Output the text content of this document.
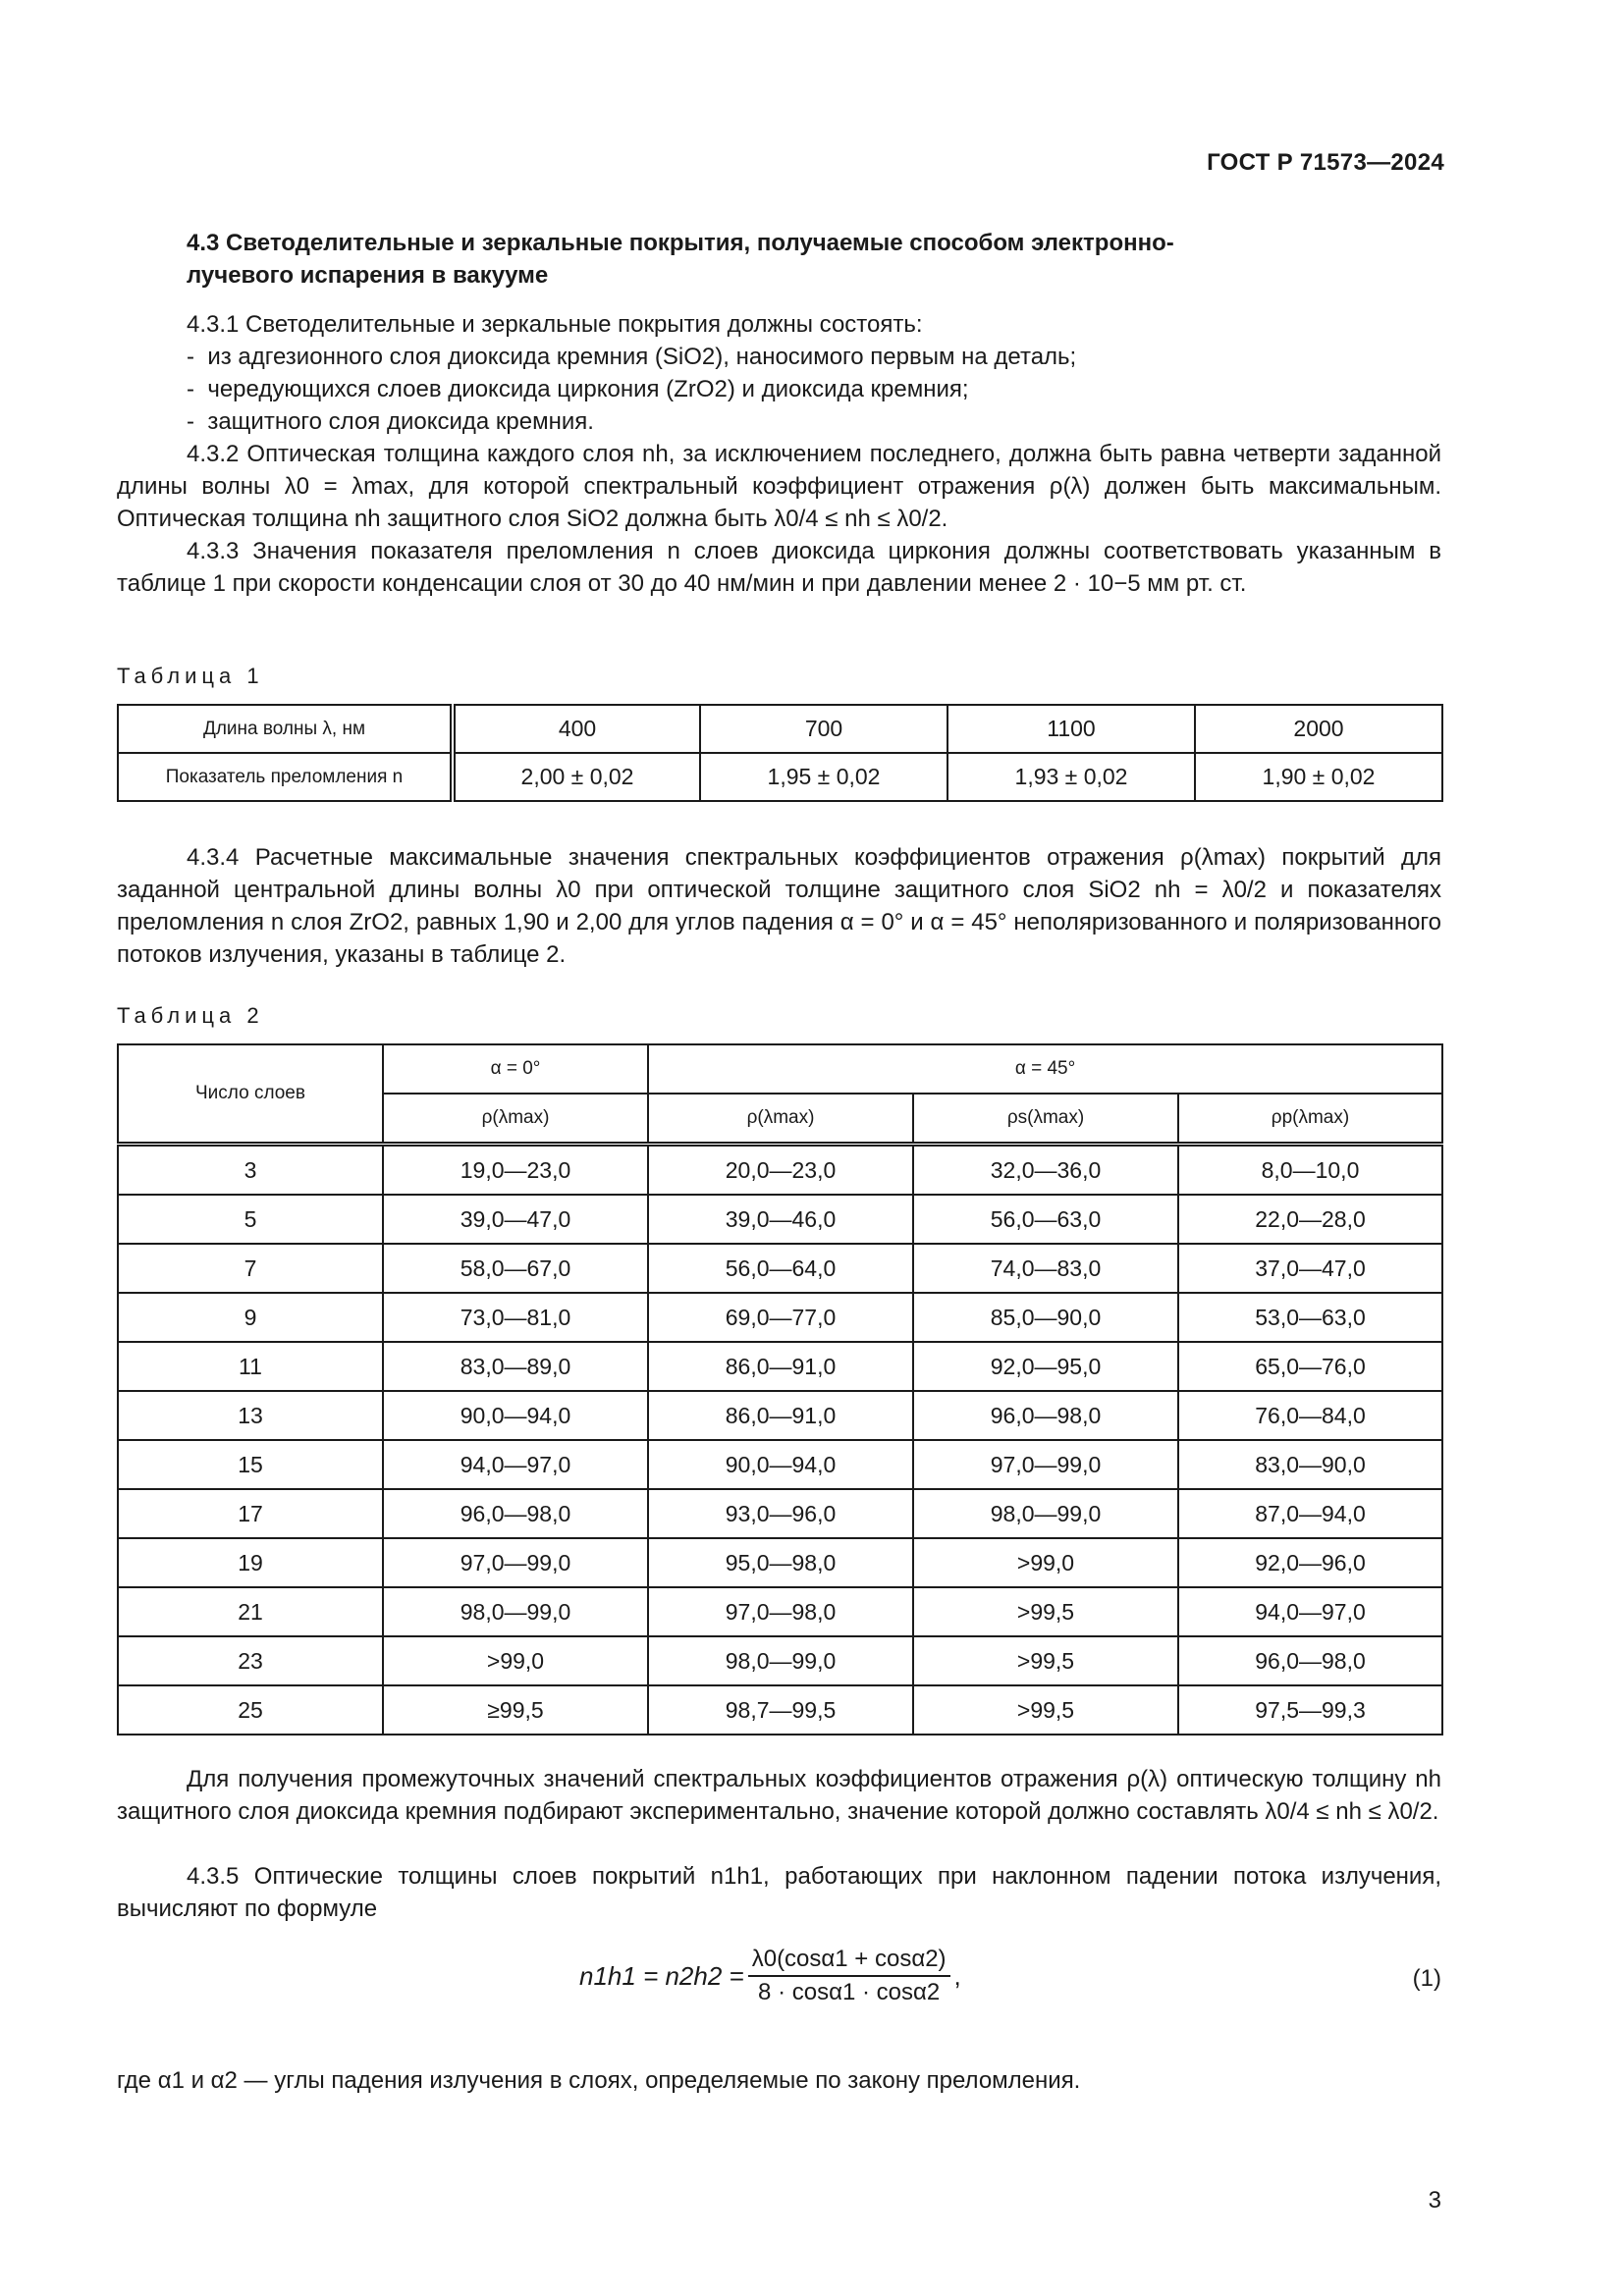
ГОСТ Р 71573—2024
4.3 Светоделительные и зеркальные покрытия, получаемые способом электронно-лучевого испарения в вакууме

4.3.1 Светоделительные и зеркальные покрытия должны состоять:

-  из адгезионного слоя диоксида кремния (SiO2), наносимого первым на деталь;

-  чередующихся слоев диоксида циркония (ZrO2) и диоксида кремния;

-  защитного слоя диоксида кремния.

4.3.2 Оптическая толщина каждого слоя nh, за исключением последнего, должна быть равна четверти заданной длины волны λ0 = λmax, для которой спектральный коэффициент отражения ρ(λ) должен быть максимальным. Оптическая толщина nh защитного слоя SiO2 должна быть λ0/4 ≤ nh ≤ λ0/2.

4.3.3 Значения показателя преломления n слоев диоксида циркония должны соответствовать указанным в таблице 1 при скорости конденсации слоя от 30 до 40 нм/мин и при давлении менее 2 · 10−5 мм рт. ст.

Таблица 1
Длина волны λ, нм	400	700	1100	2000
Показатель преломления n	2,00 ± 0,02	1,95 ± 0,02	1,93 ± 0,02	1,90 ± 0,02

4.3.4 Расчетные максимальные значения спектральных коэффициентов отражения ρ(λmax) покрытий для заданной центральной длины волны λ0 при оптической толщине защитного слоя SiO2 nh = λ0/2 и показателях преломления n слоя ZrO2, равных 1,90 и 2,00 для углов падения α = 0° и α = 45° неполяризованного и поляризованного потоков излучения, указаны в таблице 2.

Таблица 2
Число слоев	α = 0°	α = 45°		
	ρ(λmax)	ρ(λmax)	ρs(λmax)	ρp(λmax)
3	19,0—23,0	20,0—23,0	32,0—36,0	8,0—10,0
5	39,0—47,0	39,0—46,0	56,0—63,0	22,0—28,0
7	58,0—67,0	56,0—64,0	74,0—83,0	37,0—47,0
9	73,0—81,0	69,0—77,0	85,0—90,0	53,0—63,0
11	83,0—89,0	86,0—91,0	92,0—95,0	65,0—76,0
13	90,0—94,0	86,0—91,0	96,0—98,0	76,0—84,0
15	94,0—97,0	90,0—94,0	97,0—99,0	83,0—90,0
17	96,0—98,0	93,0—96,0	98,0—99,0	87,0—94,0
19	97,0—99,0	95,0—98,0	>99,0	92,0—96,0
21	98,0—99,0	97,0—98,0	>99,5	94,0—97,0
23	>99,0	98,0—99,0	>99,5	96,0—98,0
25	≥99,5	98,7—99,5	>99,5	97,5—99,3

Для получения промежуточных значений спектральных коэффициентов отражения ρ(λ) оптическую толщину nh защитного слоя диоксида кремния подбирают экспериментально, значение которой должно составлять λ0/4 ≤ nh ≤ λ0/2.

4.3.5 Оптические толщины слоев покрытий n1h1, работающих при наклонном падении потока излучения, вычисляют по формуле

$n1h1 = n2h2 = \frac{\lambda 0(\cos\alpha 1 + \cos\alpha 2)}{8 \cdot \cos\alpha 1 \cdot \cos\alpha 2}$ ,	(1)

где α1 и α2 — углы падения излучения в слоях, определяемые по закону преломления.

3
